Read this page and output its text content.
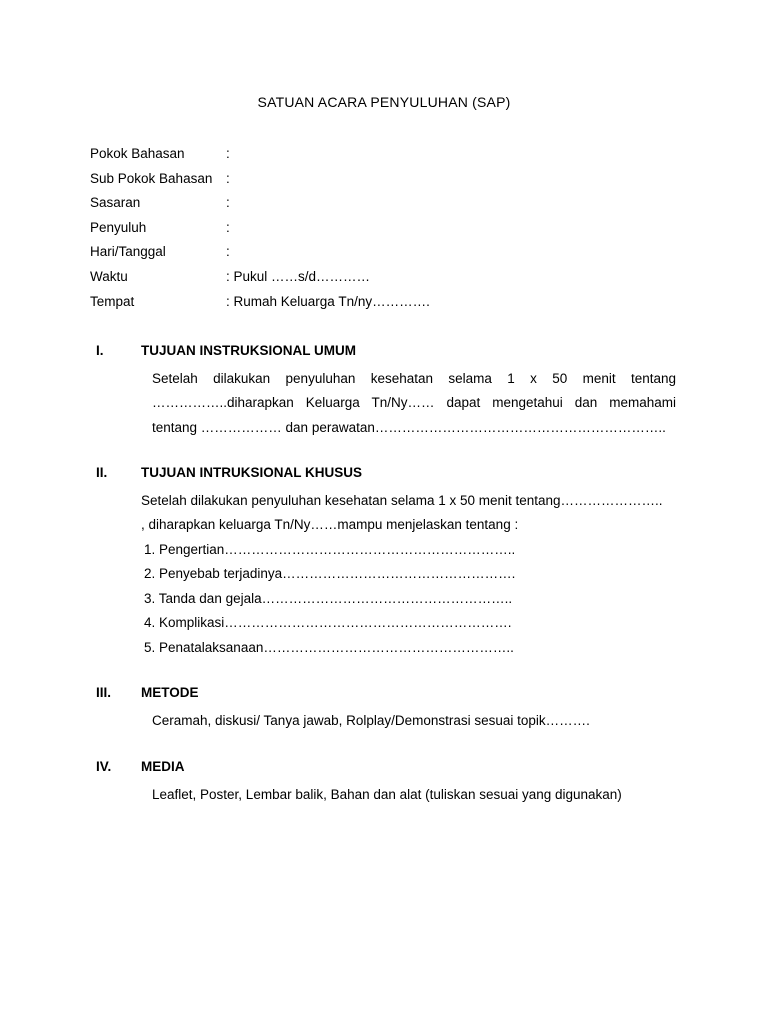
SATUAN ACARA PENYULUHAN (SAP)
Pokok Bahasan	:
Sub Pokok Bahasan :
Sasaran	:
Penyuluh	:
Hari/Tanggal	:
Waktu	: Pukul ……s/d…………
Tempat	: Rumah Keluarga Tn/ny………….
I.	TUJUAN INSTRUKSIONAL UMUM
Setelah dilakukan penyuluhan kesehatan selama 1 x 50 menit tentang
……………..diharapkan Keluarga Tn/Ny…… dapat mengetahui dan memahami
tentang ……………… dan perawatan………………………………………………………..
II. TUJUAN INTRUKSIONAL KHUSUS
Setelah dilakukan penyuluhan kesehatan selama 1 x 50 menit tentang…………………..
, diharapkan keluarga Tn/Ny……mampu menjelaskan tentang :
1. Pengertian………………………………………………………..
2. Penyebab terjadinya…………………………………………….
3. Tanda dan gejala………………………………………………..
4. Komplikasi……………………………………………………….
5. Penatalaksanaan………………………………………………..
III. METODE
Ceramah, diskusi/ Tanya jawab, Rolplay/Demonstrasi sesuai topik……….
IV. MEDIA
Leaflet, Poster, Lembar balik, Bahan dan alat (tuliskan sesuai yang digunakan)
